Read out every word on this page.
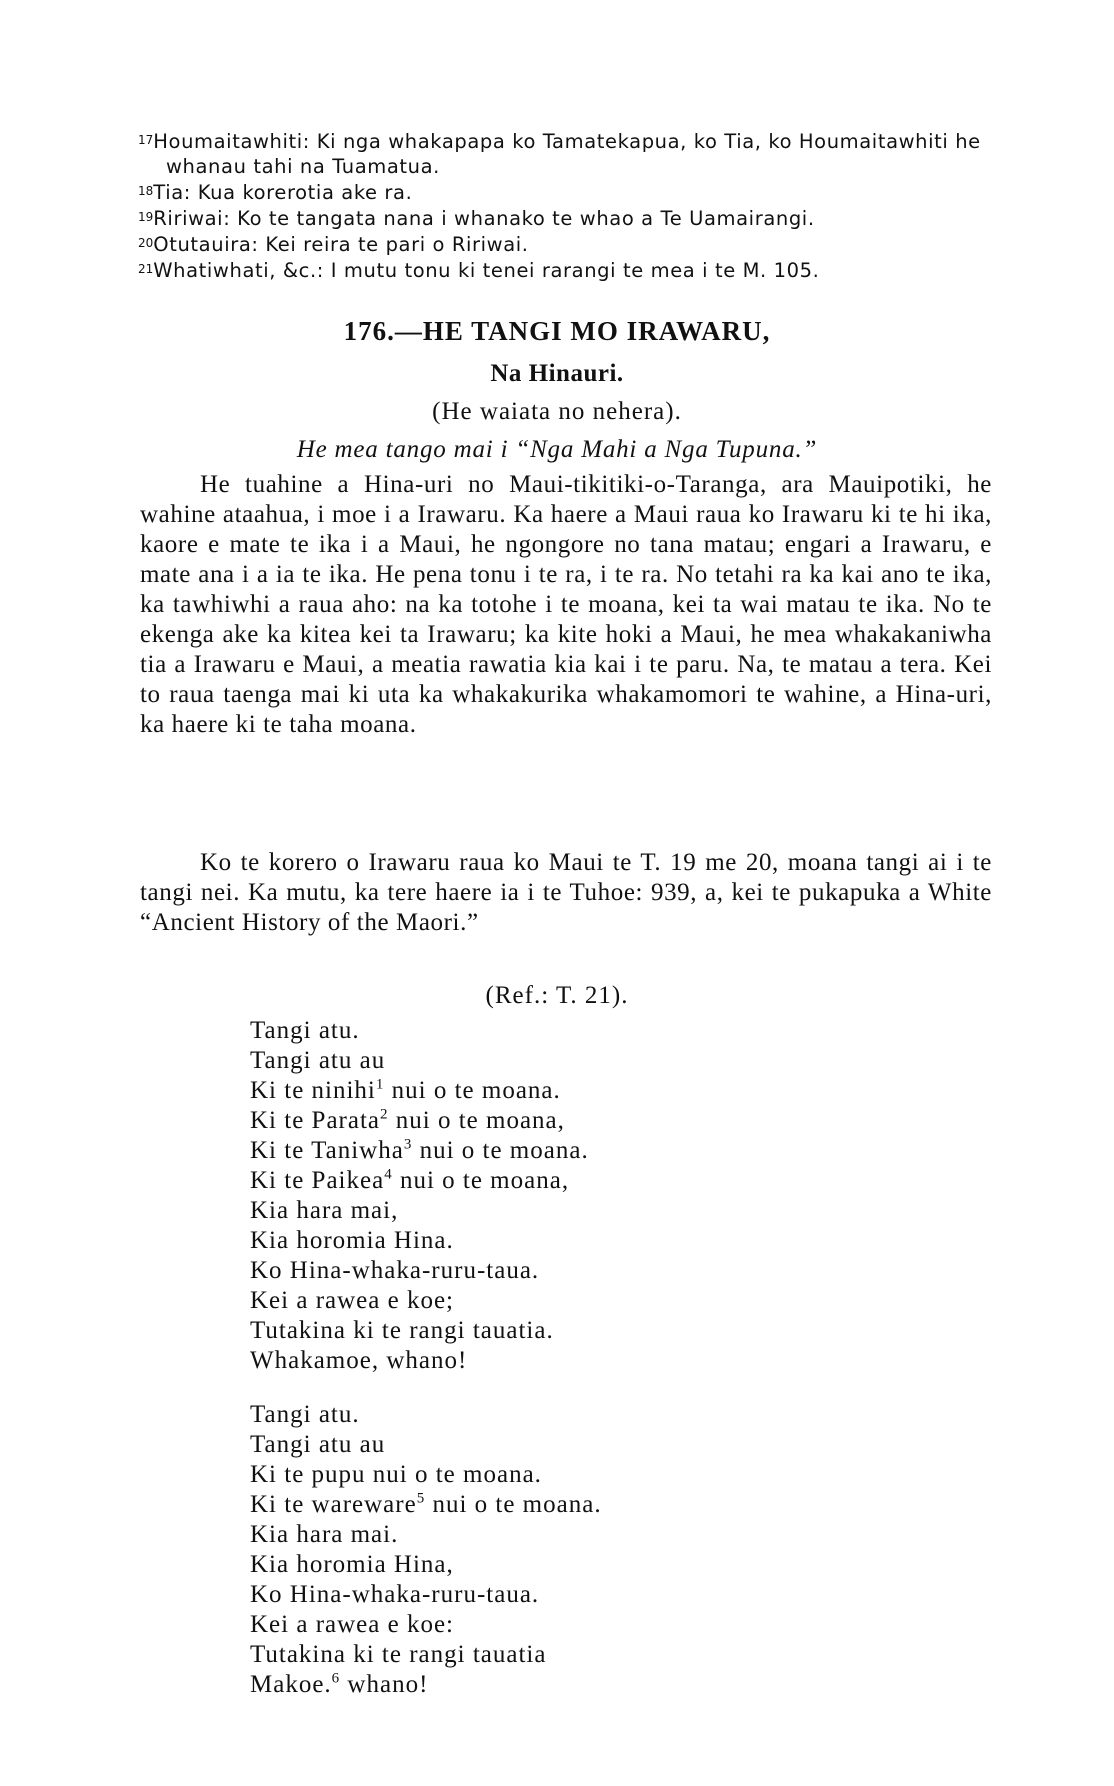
$^{17}$Houmaitawhiti: Ki nga whakapapa ko Tamatekapua, ko Tia, ko Houmaitawhiti he whanau tahi na Tuamatua.

$^{18}$Tia: Kua korerotia ake ra.

$^{19}$Ririwai: Ko te tangata nana i whanako te whao a Te Uamairangi.

$^{20}$Otutauira: Kei reira te pari o Ririwai.

$^{21}$Whatiwhati, &c.: I mutu tonu ki tenei rarangi te mea i te M. 105.

176.—HE TANGI MO IRAWARU,

Na Hinauri.

(He waiata no nehera).

He mea tango mai i “Nga Mahi a Nga Tupuna.”

He tuahine a Hina-uri no Maui-tikitiki-o-Taranga, ara Mauipotiki, he wahine ataahua, i moe i a Irawaru. Ka haere a Maui raua ko Irawaru ki te hi ika, kaore e mate te ika i a Maui, he ngongore no tana matau; engari a Irawaru, e mate ana i a ia te ika. He pena tonu i te ra, i te ra. No tetahi ra ka kai ano te ika, ka tawhiwhi a raua aho: na ka totohe i te moana, kei ta wai matau te ika. No te ekenga ake ka kitea kei ta Irawaru; ka kite hoki a Maui, he mea whakakaniwha tia a Irawaru e Maui, a meatia rawatia kia kai i te paru. Na, te matau a tera. Kei to raua taenga mai ki uta ka whakakurika whakamomori te wahine, a Hina-uri, ka haere ki te taha moana.

Ko te korero o Irawaru raua ko Maui te T. 19 me 20, moana tangi ai i te tangi nei. Ka mutu, ka tere haere ia i te Tuhoe: 939, a, kei te pukapuka a White “Ancient History of the Maori.”

(Ref.: T. 21).

Tangi atu.

Tangi atu au

Ki te ninihi$^1$ nui o te moana.

Ki te Parata$^2$ nui o te moana,

Ki te Taniwha$^3$ nui o te moana.

Ki te Paikea$^4$ nui o te moana,

Kia hara mai,

Kia horomia Hina.

Ko Hina-whaka-ruru-taua.

Kei a rawea e koe;

Tutakina ki te rangi tauatia.

Whakamoe, whano!

Tangi atu.

Tangi atu au

Ki te pupu nui o te moana.

Ki te wareware$^5$ nui o te moana.

Kia hara mai.

Kia horomia Hina,

Ko Hina-whaka-ruru-taua.

Kei a rawea e koe:

Tutakina ki te rangi tauatia

Makoe.$^6$ whano!
